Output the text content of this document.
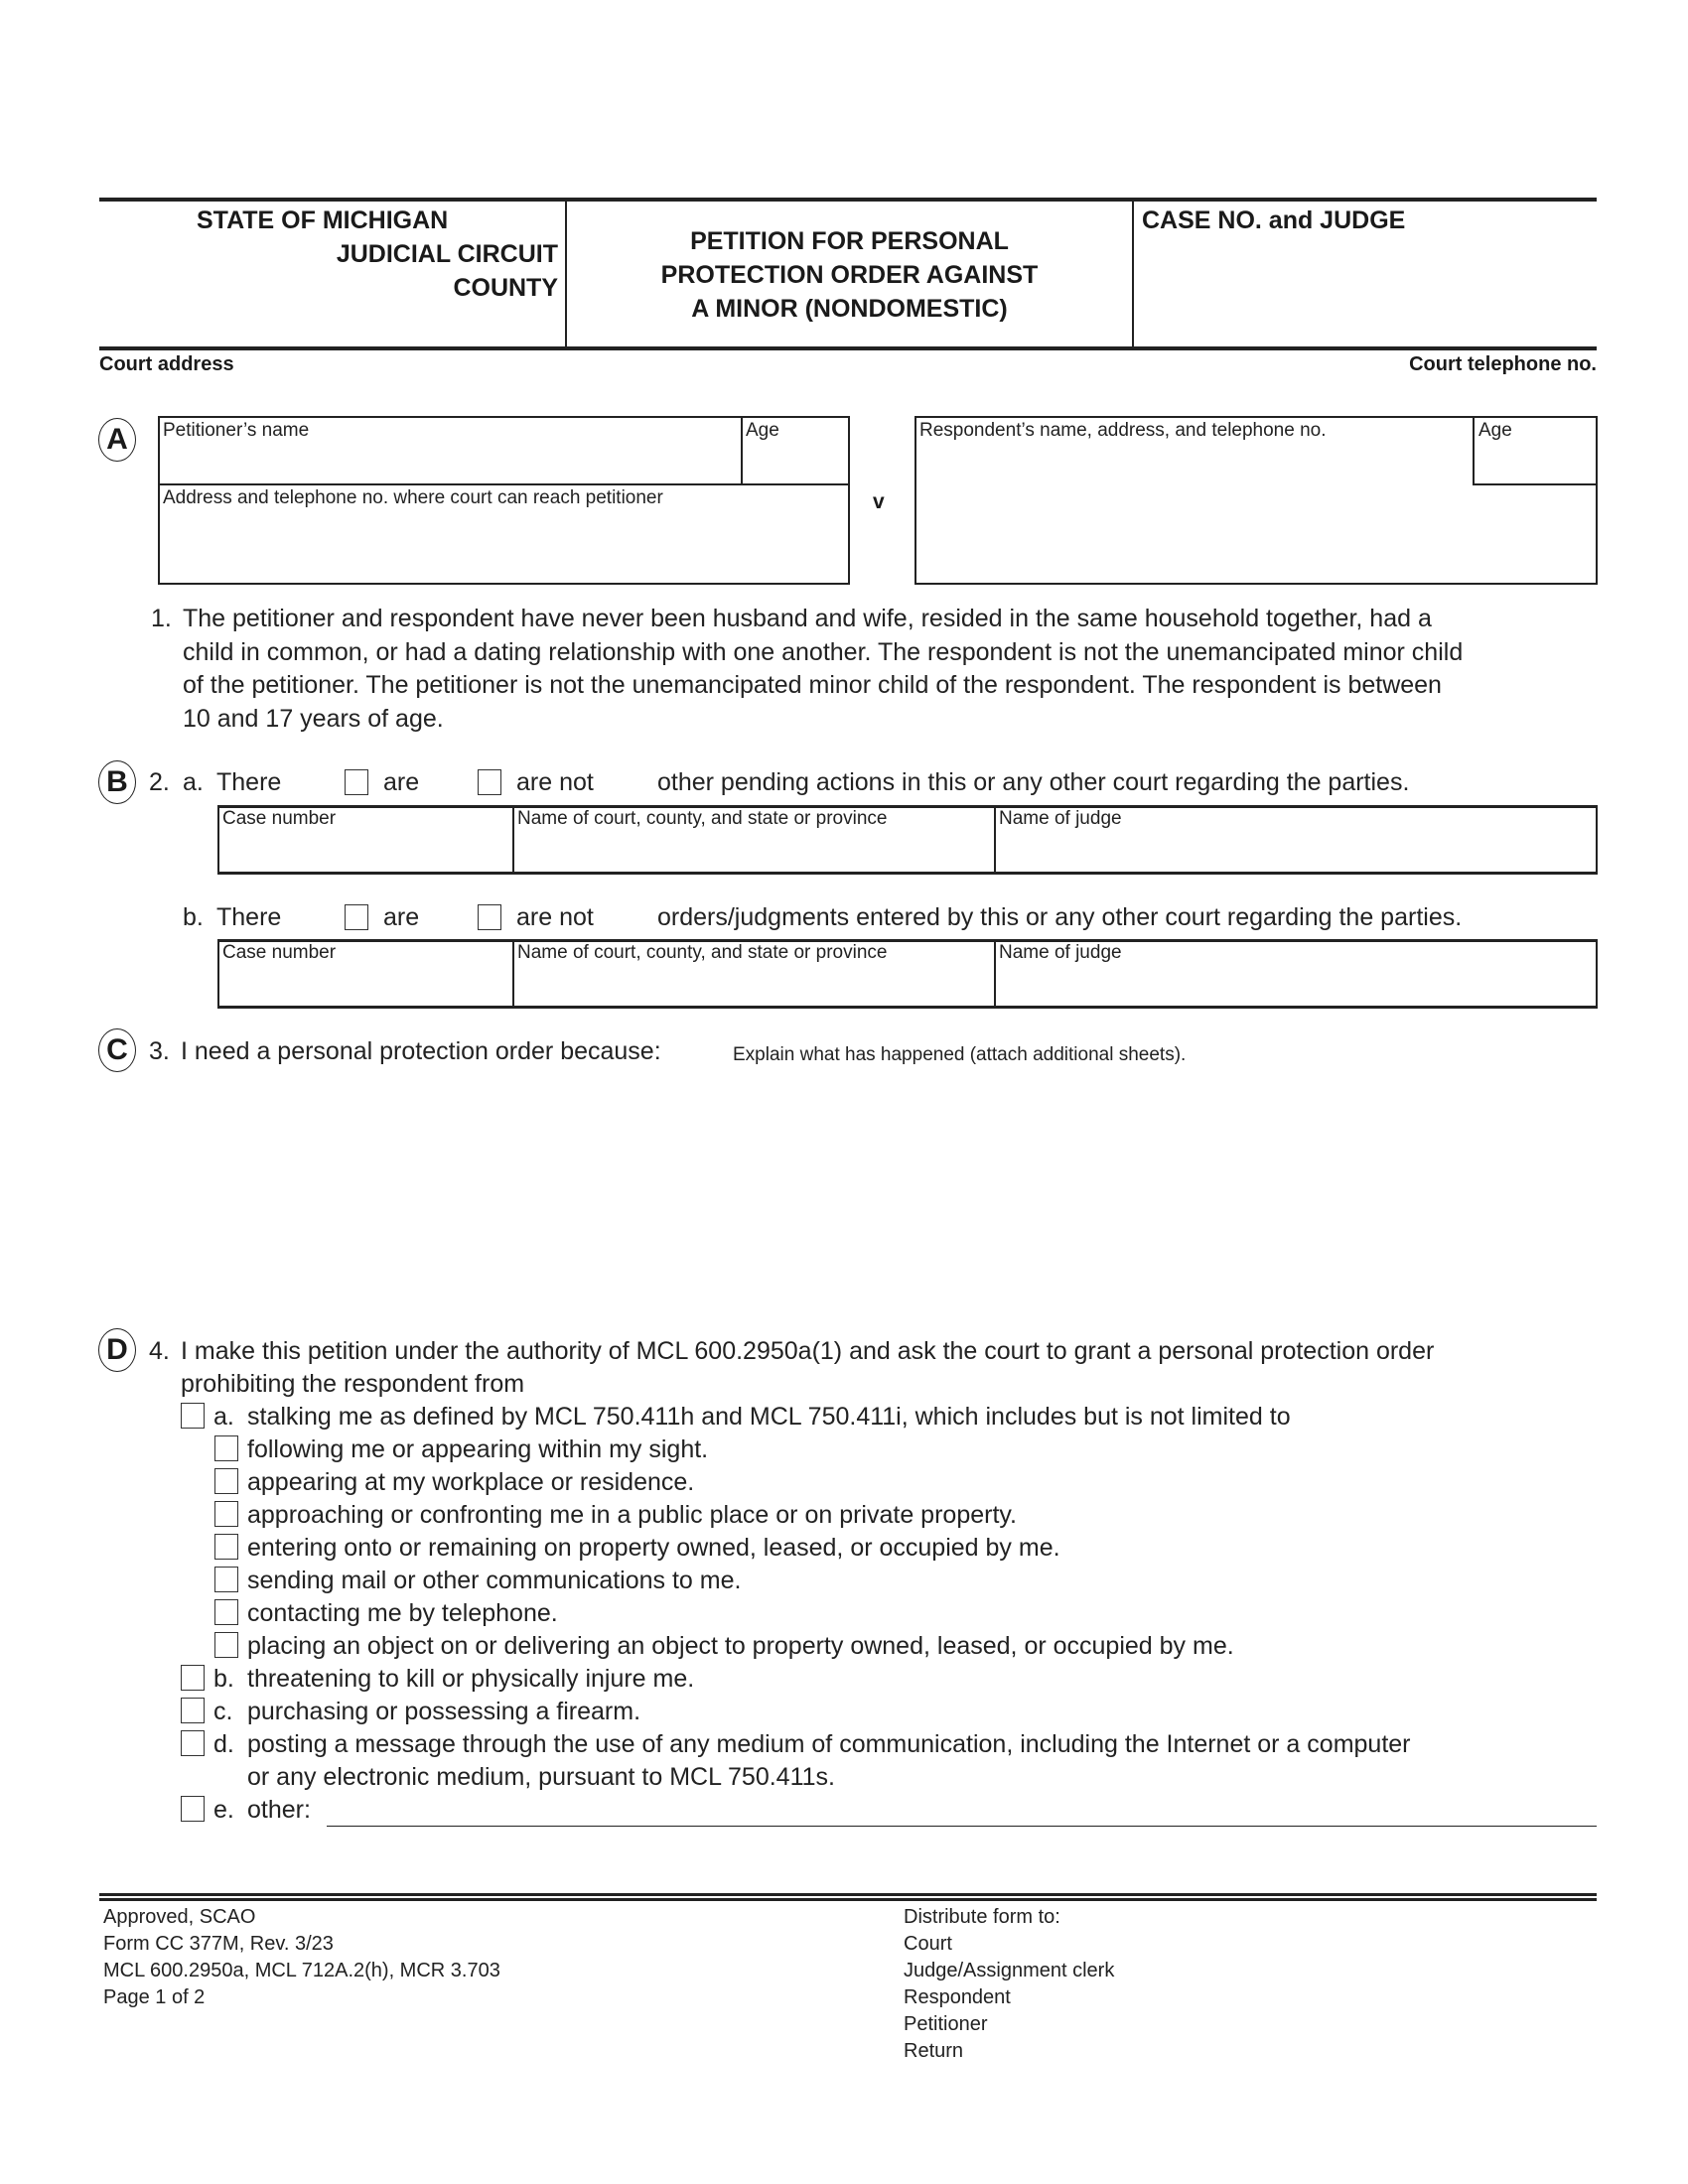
STATE OF MICHIGAN
JUDICIAL CIRCUIT
COUNTY
PETITION FOR PERSONAL
PROTECTION ORDER AGAINST
A MINOR (NONDOMESTIC)
CASE NO. and JUDGE
Court address	Court telephone no.
A	Petitioner’s name	Age
Address and telephone no. where court can reach petitioner	v
Respondent’s name, address, and telephone no.	Age
1. The petitioner and respondent have never been husband and wife, resided in the same household together, had a
child in common, or had a dating relationship with one another. The respondent is not the unemancipated minor child
of the petitioner. The petitioner is not the unemancipated minor child of the respondent. The respondent is between
10 and 17 years of age.
B 2. a. There	are	are not	other pending actions in this or any other court regarding the parties.
Case number	Name of court, county, and state or province	Name of judge
b. There	are	are not	orders/judgments entered by this or any other court regarding the parties.
Case number	Name of court, county, and state or province	Name of judge
C 3. I need a personal protection order because:	Explain what has happened (attach additional sheets).
D 4. I make this petition under the authority of MCL 600.2950a(1) and ask the court to grant a personal protection order
prohibiting the respondent from
a. stalking me as defined by MCL 750.411h and MCL 750.411i, which includes but is not limited to
following me or appearing within my sight.
appearing at my workplace or residence.
approaching or confronting me in a public place or on private property.
entering onto or remaining on property owned, leased, or occupied by me.
sending mail or other communications to me.
contacting me by telephone.
placing an object on or delivering an object to property owned, leased, or occupied by me.
b. threatening to kill or physically injure me.
c. purchasing or possessing a firearm.
d. posting a message through the use of any medium of communication, including the Internet or a computer
or any electronic medium, pursuant to MCL 750.411s.
e. other:
Approved, SCAO
Form CC 377M, Rev. 3/23
MCL 600.2950a, MCL 712A.2(h), MCR 3.703
Page 1 of 2
Distribute form to:
Court
Judge/Assignment clerk
Respondent
Petitioner
Return
